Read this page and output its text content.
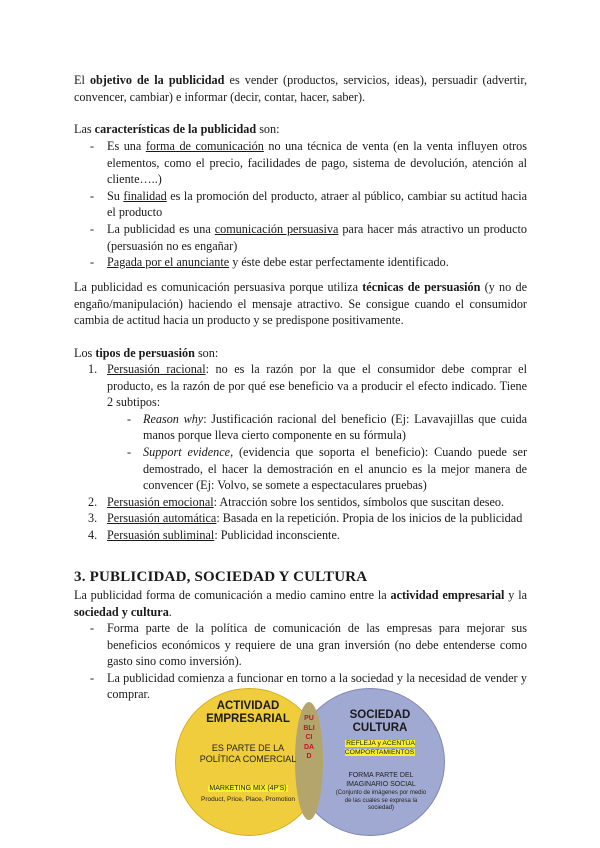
El objetivo de la publicidad es vender (productos, servicios, ideas), persuadir (advertir, convencer, cambiar) e informar (decir, contar, hacer, saber).

Las características de la publicidad son:

- Es una forma de comunicación no una técnica de venta (en la venta influyen otros elementos, como el precio, facilidades de pago, sistema de devolución, atención al cliente…..)
- Su finalidad es la promoción del producto, atraer al público, cambiar su actitud hacia el producto
- La publicidad es una comunicación persuasiva para hacer más atractivo un producto (persuasión no es engañar)
- Pagada por el anunciante y éste debe estar perfectamente identificado.

La publicidad es comunicación persuasiva porque utiliza técnicas de persuasión (y no de engaño/manipulación) haciendo el mensaje atractivo. Se consigue cuando el consumidor cambia de actitud hacia un producto y se predispone positivamente.

Los tipos de persuasión son:

1. Persuasión racional: no es la razón por la que el consumidor debe comprar el producto, es la razón de por qué ese beneficio va a producir el efecto indicado. Tiene 2 subtipos:
- Reason why: Justificación racional del beneficio (Ej: Lavavajillas que cuida manos porque lleva cierto componente en su fórmula)
- Support evidence, (evidencia que soporta el beneficio): Cuando puede ser demostrado, el hacer la demostración en el anuncio es la mejor manera de convencer (Ej: Volvo, se somete a espectaculares pruebas)
2. Persuasión emocional: Atracción sobre los sentidos, símbolos que suscitan deseo.
3. Persuasión automática: Basada en la repetición. Propia de los inicios de la publicidad
4. Persuasión subliminal: Publicidad inconsciente.
3. PUBLICIDAD, SOCIEDAD Y CULTURA

La publicidad forma de comunicación a medio camino entre la actividad empresarial y la sociedad y cultura.

- Forma parte de la política de comunicación de las empresas para mejorar sus beneficios económicos y requiere de una gran inversión (no debe entenderse como gasto sino como inversión).
- La publicidad comienza a funcionar en torno a la sociedad y la necesidad de vender y comprar.
ACTIVIDAD EMPRESARIAL
ES PARTE DE LA POLÍTICA COMERCIAL
MARKETING MIX (4P'S)
Product, Price, Place, Promotion
PUBLICIDAD
SOCIEDAD CULTURA
REFLEJA y ACENTÚA COMPORTAMIENTOS
FORMA PARTE DEL IMAGINARIO SOCIAL
(Conjunto de imágenes por medio de las cuales se expresa la sociedad)
